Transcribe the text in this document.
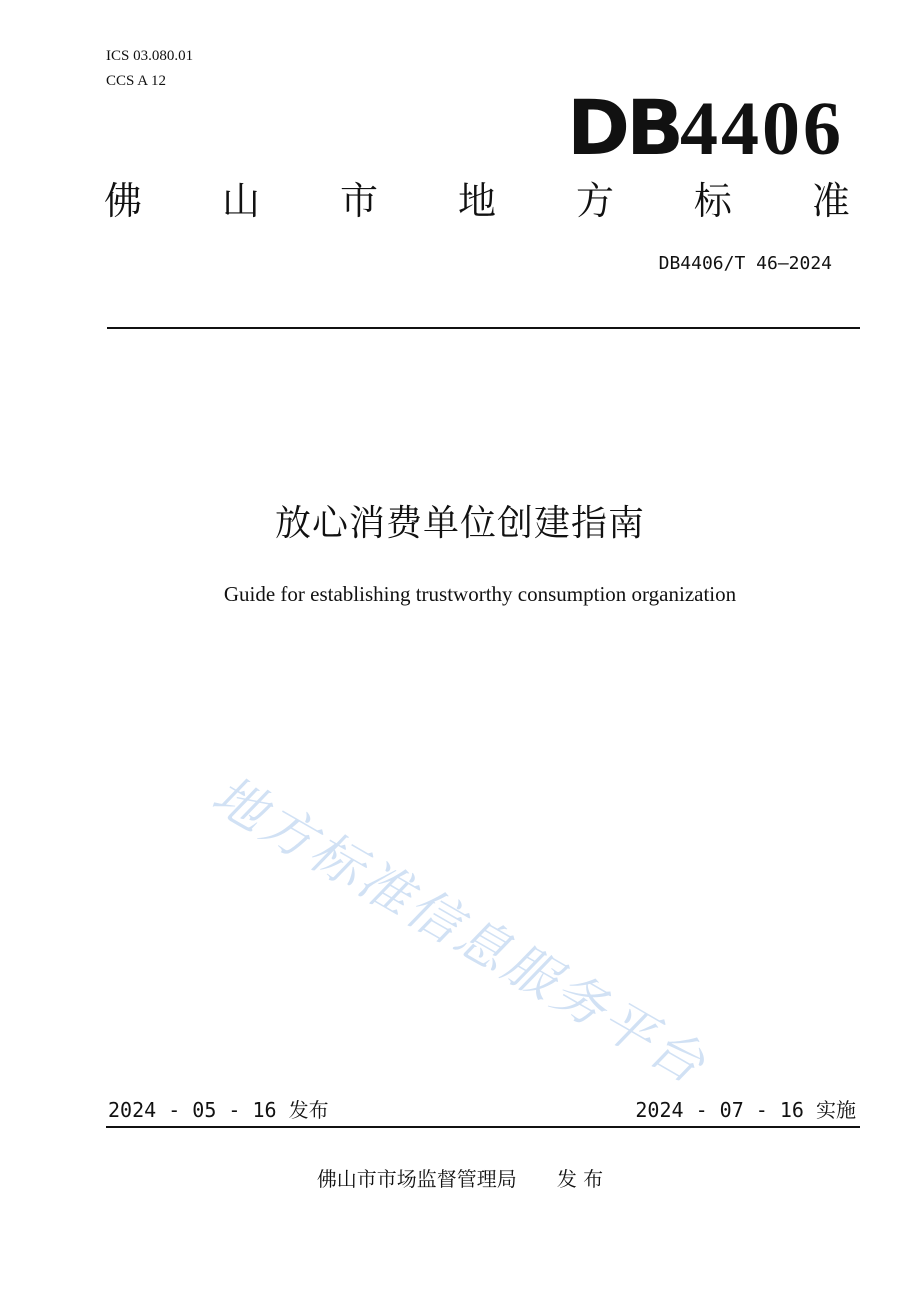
ICS 03.080.01
CCS A 12
DB4406
佛 山 市 地 方 标 准
DB4406/T 46—2024
放心消费单位创建指南
Guide for establishing trustworthy consumption organization
地方标准信息服务平台
2024 - 05 - 16 发布	2024 - 07 - 16 实施
佛山市市场监督管理局 发 布
